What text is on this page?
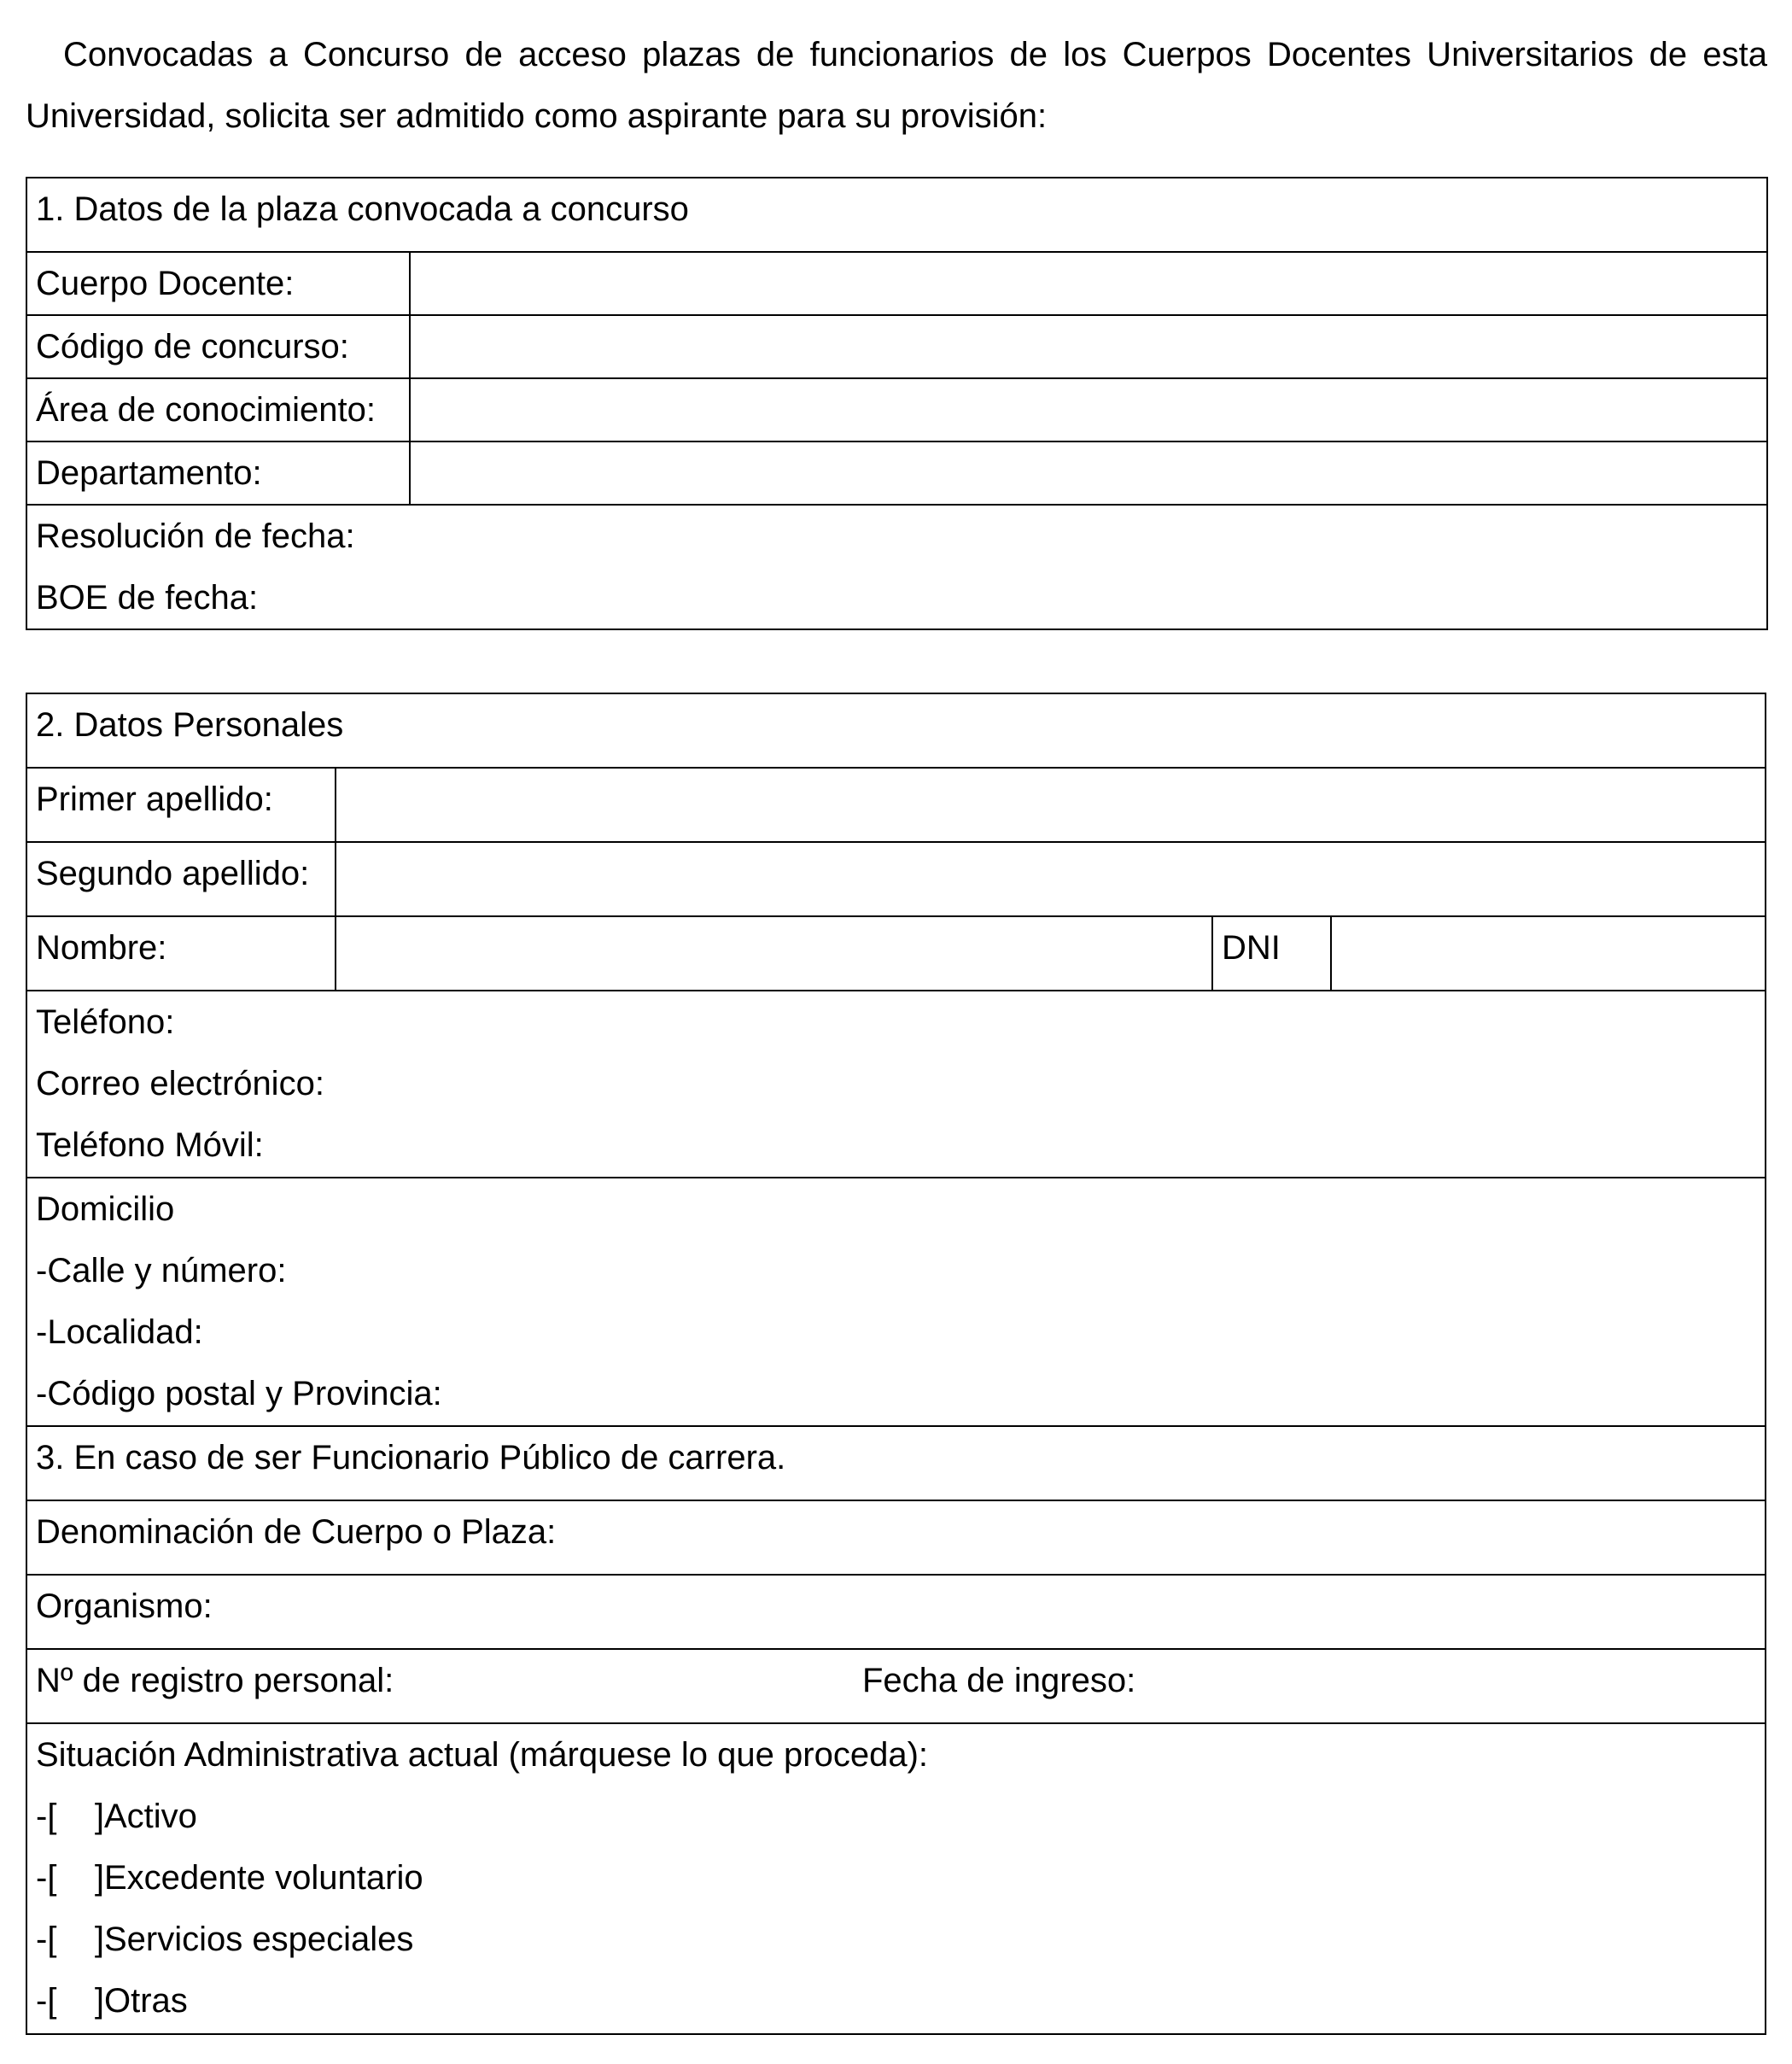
Convocadas a Concurso de acceso plazas de funcionarios de los Cuerpos Docentes Universitarios de esta Universidad, solicita ser admitido como aspirante para su provisión:

1. Datos de la plaza convocada a concurso	
Cuerpo Docente:	
Código de concurso:	
Área de conocimiento:	
Departamento:	

Resolución de fecha:
BOE de fecha:	
2. Datos Personales			
Primer apellido:			
Segundo apellido:			
Nombre:		DNI	

Teléfono:
Correo electrónico:
Teléfono Móvil:			

Domicilio
-Calle y número:
-Localidad:
-Código postal y Provincia:			

3. En caso de ser Funcionario Público de carrera.			
Denominación de Cuerpo o Plaza:			
Organismo:			
Nº de registro personal: Fecha de ingreso:			

Situación Administrativa actual (márquese lo que proceda):
-[    ]Activo
-[    ]Excedente voluntario
-[    ]Servicios especiales
-[    ]Otras			
